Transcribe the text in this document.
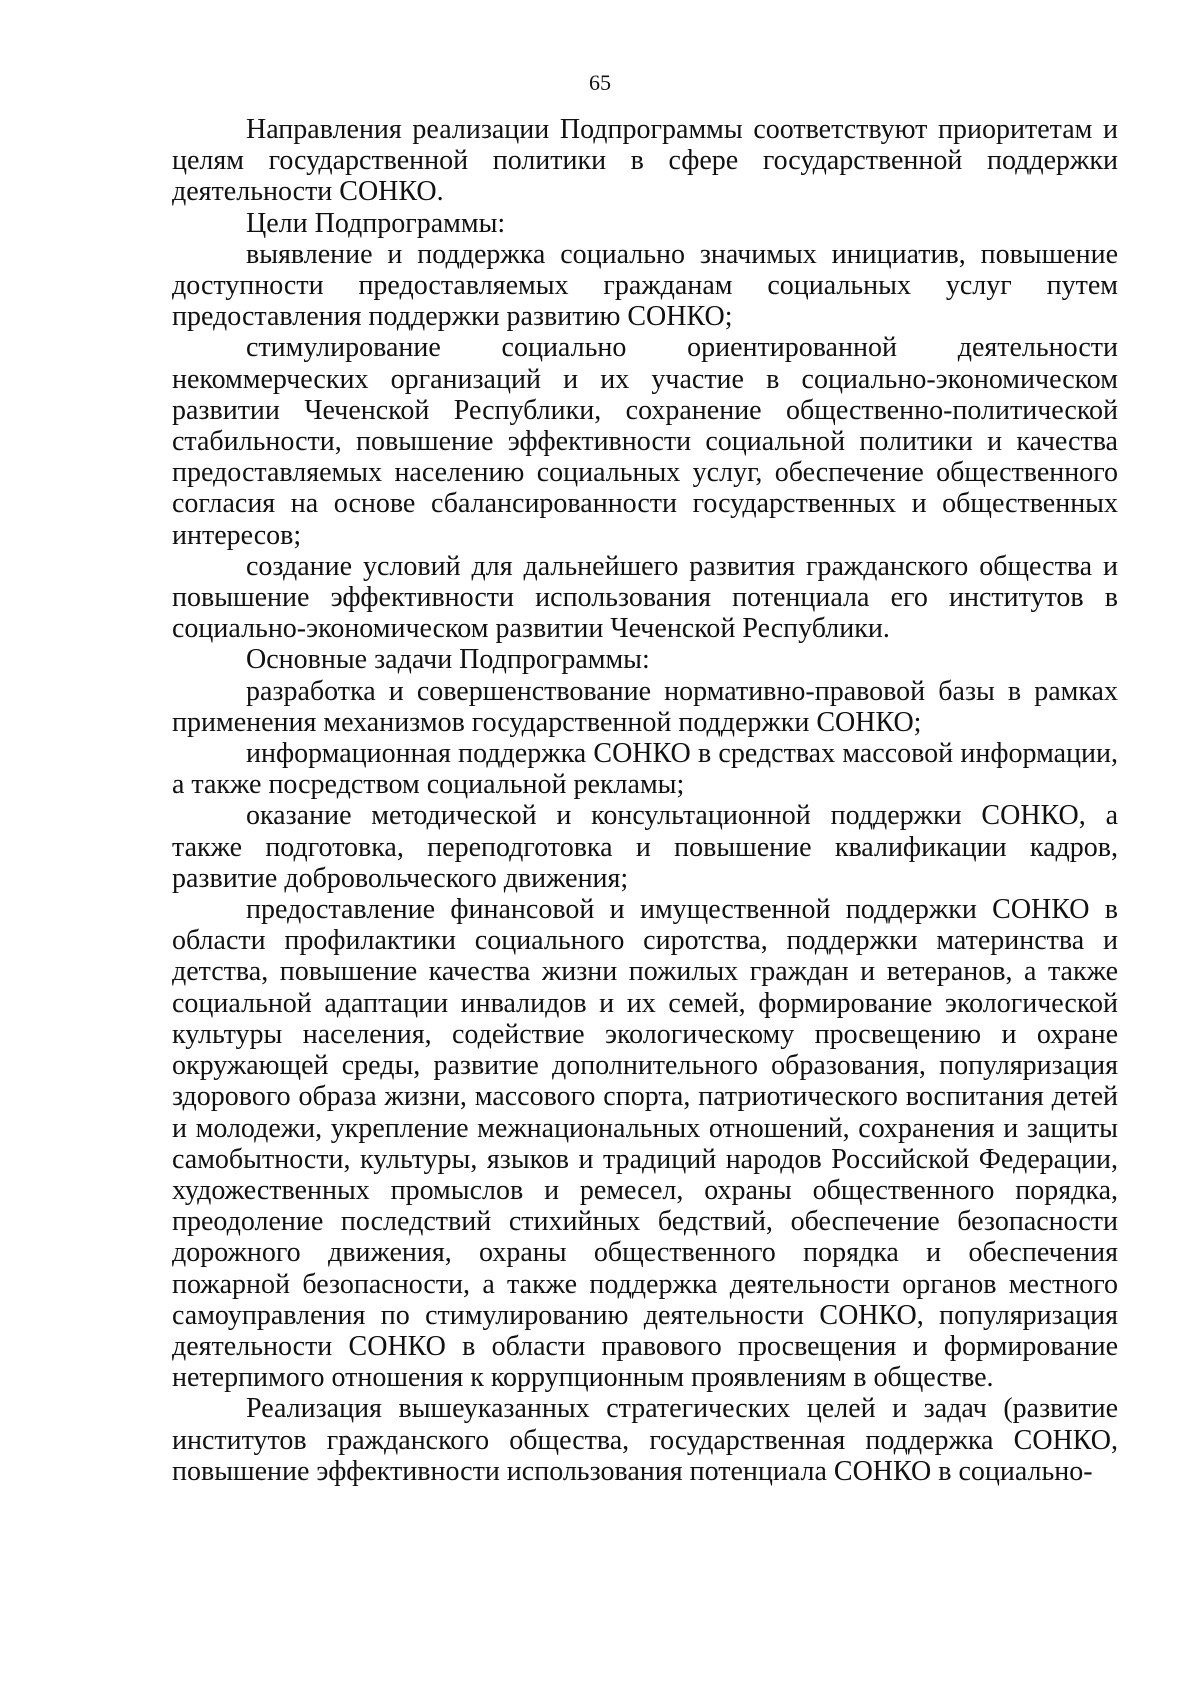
65

Направления реализации Подпрограммы соответствуют приоритетам и целям государственной политики в сфере государственной поддержки деятельности СОНКО.

Цели Подпрограммы:

выявление и поддержка социально значимых инициатив, повышение доступности предоставляемых гражданам социальных услуг путем предоставления поддержки развитию СОНКО;

стимулирование социально ориентированной деятельности некоммерческих организаций и их участие в социально-экономическом развитии Чеченской Республики, сохранение общественно-политической стабильности, повышение эффективности социальной политики и качества предоставляемых населению социальных услуг, обеспечение общественного согласия на основе сбалансированности государственных и общественных интересов;

создание условий для дальнейшего развития гражданского общества и повышение эффективности использования потенциала его институтов в социально-экономическом развитии Чеченской Республики.

Основные задачи Подпрограммы:

разработка и совершенствование нормативно-правовой базы в рамках применения механизмов государственной поддержки СОНКО;

информационная поддержка СОНКО в средствах массовой информации, а также посредством социальной рекламы;

оказание методической и консультационной поддержки СОНКО, а также подготовка, переподготовка и повышение квалификации кадров, развитие добровольческого движения;

предоставление финансовой и имущественной поддержки СОНКО в области профилактики социального сиротства, поддержки материнства и детства, повышение качества жизни пожилых граждан и ветеранов, а также социальной адаптации инвалидов и их семей, формирование экологической культуры населения, содействие экологическому просвещению и охране окружающей среды, развитие дополнительного образования, популяризация здорового образа жизни, массового спорта, патриотического воспитания детей и молодежи, укрепление межнациональных отношений, сохранения и защиты самобытности, культуры, языков и традиций народов Российской Федерации, художественных промыслов и ремесел, охраны общественного порядка, преодоление последствий стихийных бедствий, обеспечение безопасности дорожного движения, охраны общественного порядка и обеспечения пожарной безопасности, а также поддержка деятельности органов местного самоуправления по стимулированию деятельности СОНКО, популяризация деятельности СОНКО в области правового просвещения и формирование нетерпимого отношения к коррупционным проявлениям в обществе.

Реализация вышеуказанных стратегических целей и задач (развитие институтов гражданского общества, государственная поддержка СОНКО, повышение эффективности использования потенциала СОНКО в социально-
